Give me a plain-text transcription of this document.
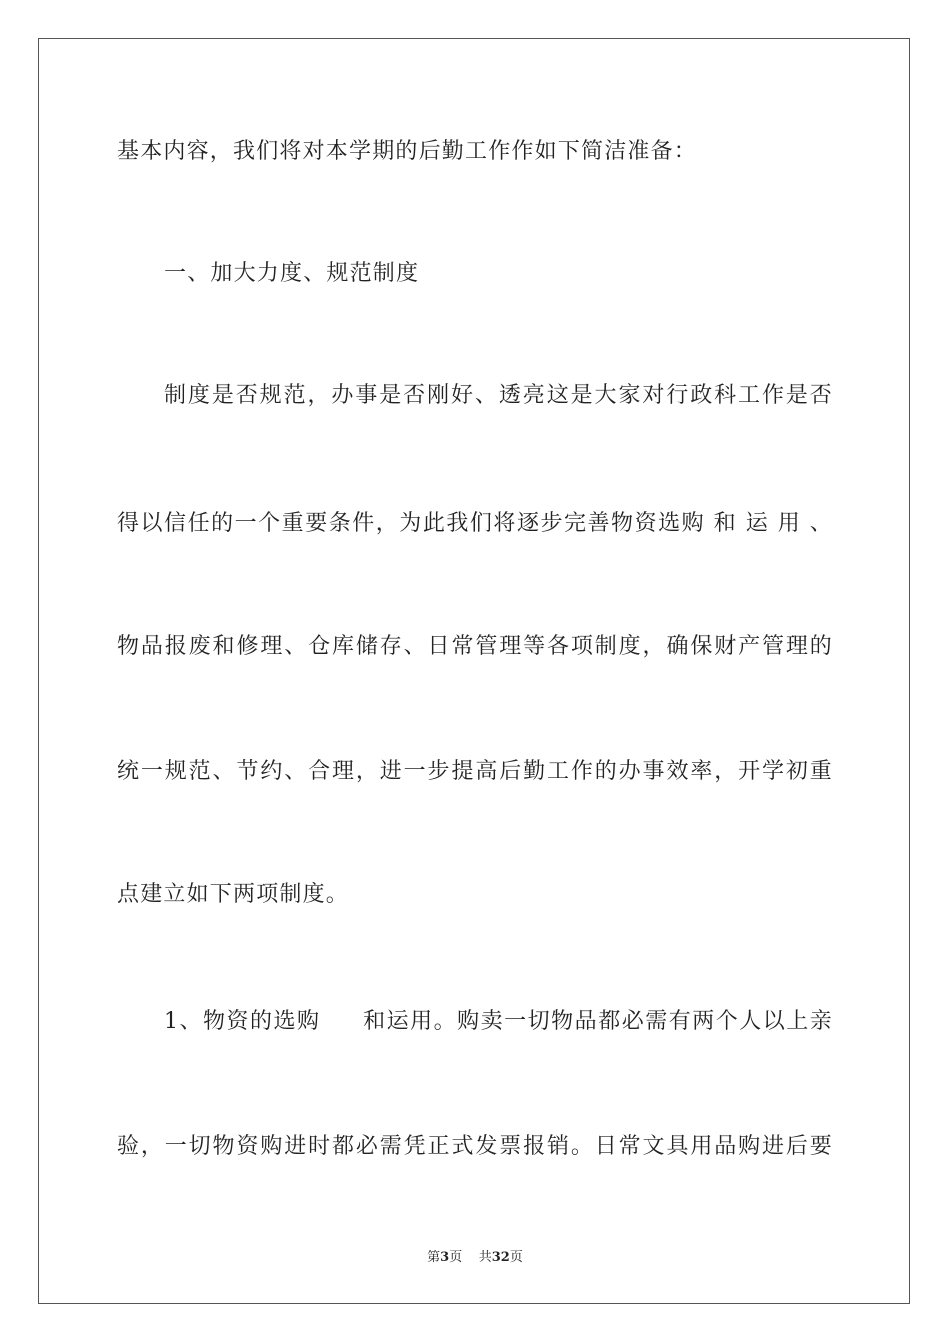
基本内容，我们将对本学期的后勤工作作如下简洁准备：
一、加大力度、规范制度
制度是否规范，办事是否刚好、透亮这是大家对行政科工作是否
得以信任的一个重要条件，为此我们将逐步完善物资选购 和 运 用 、
物品报废和修理、仓库储存、日常管理等各项制度，确保财产管理的
统一规范、节约、合理，进一步提高后勤工作的办事效率，开学初重
点建立如下两项制度。
1、物资的选购     和运用。购卖一切物品都必需有两个人以上亲
验，一切物资购进时都必需凭正式发票报销。日常文具用品购进后要
第3页 共32页
